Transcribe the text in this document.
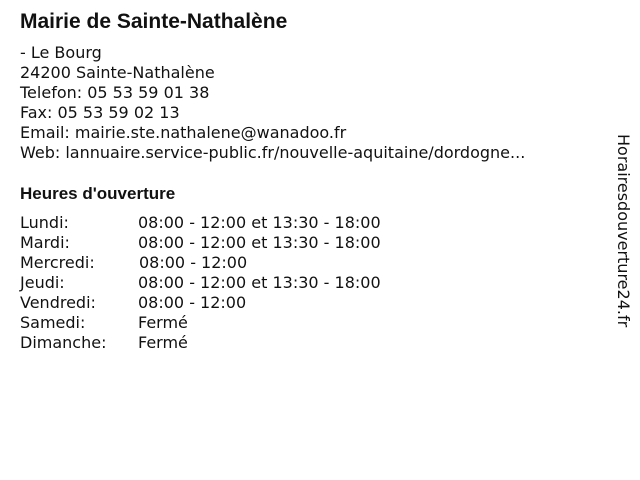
Mairie de Sainte-Nathalène
- Le Bourg
24200 Sainte-Nathalène
Telefon: 05 53 59 01 38
Fax: 05 53 59 02 13
Email: mairie.ste.nathalene@wanadoo.fr
Web: lannuaire.service-public.fr/nouvelle-aquitaine/dordogne...
Heures d'ouverture
Lundi:	08:00 - 12:00 et 13:30 - 18:00
Mardi:	08:00 - 12:00 et 13:30 - 18:00
Mercredi:	08:00 - 12:00
Jeudi:	08:00 - 12:00 et 13:30 - 18:00
Vendredi:	08:00 - 12:00
Samedi:	Fermé
Dimanche: Fermé
Horairesdouverture24.fr
